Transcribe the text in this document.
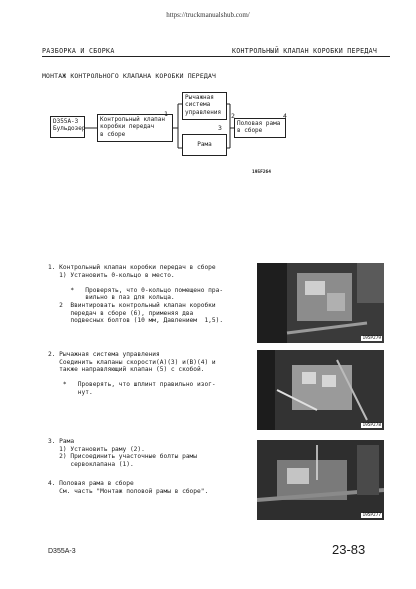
https://truckmanualshub.com/
РАЗБОРКА И СБОРКА	КОНТРОЛЬНЫЙ КЛАПАН КОРОБКИ ПЕРЕДАЧ
МОНТАЖ КОНТРОЛЬНОГО КЛАПАНА КОРОБКИ ПЕРЕДАЧ
D355A-3
Бульдозер
Контрольный клапан
коробки передач
в сборе
Рычажная
система
управления
Рама
Половая рама
в сборе
1	2
3
4
195F264
1. Контрольный клапан коробки передач в сборе
1) Установить 0-кольцо в место.

*   Проверять, что 0-кольцо помещено пра-
вильно в паз для кольца.
2  Ввинтировать контрольный клапан коробки
передач в сборе (6), применяя два
подвесных болтов (10 мм, Давлением  1,5).
2. Рычажная система управления
Соединить клапаны скорости(A)(3) и(B)(4) и
также направляющий клапан (5) с скобой.

*   Проверять, что шплинт правильно изог-
нут.
3. Рама
1) Установить раму (2).
2) Присоединить участочные болты рамы
сервоклапана (1).
4. Половая рама в сборе
См. часть "Монтаж половой рамы в сборе".
195P279
195P278
195P277
D355A-3	23-83
